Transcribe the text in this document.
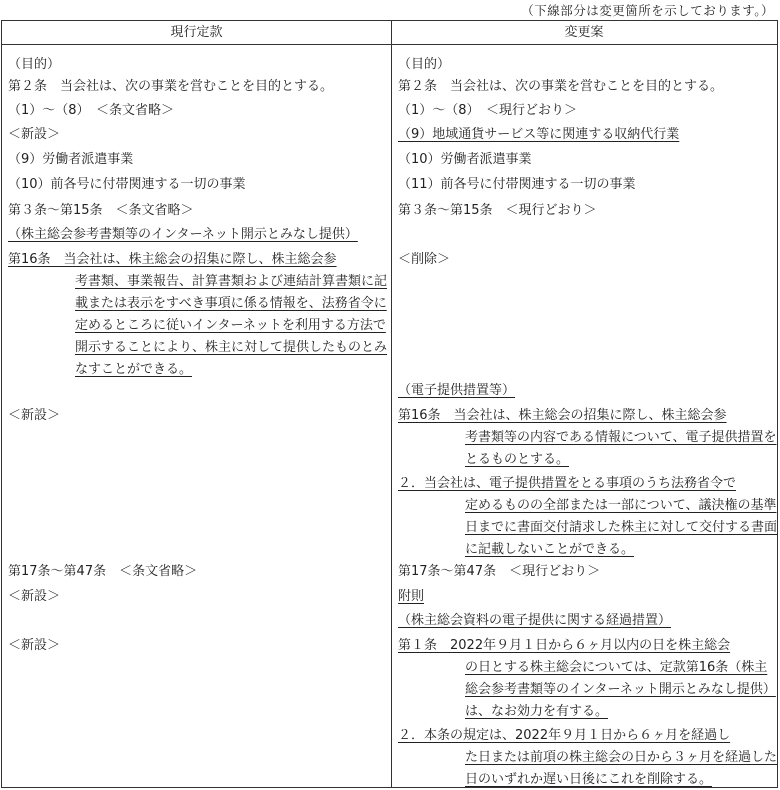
（下線部分は変更箇所を示しております。）
現行定款	変更案
（目的）
第２条　当会社は、次の事業を営むことを目的とする。
（1）～（8）　＜条文省略＞
＜新設＞
（9）労働者派遣事業
（10）前各号に付帯関連する一切の事業
第３条～第15条　＜条文省略＞
（株主総会参考書類等のインターネット開示とみなし提供）
第16条　当会社は、株主総会の招集に際し、株主総会参
考書類、事業報告、計算書類および連結計算書類に記
載または表示をすべき事項に係る情報を、法務省令に
定めるところに従いインターネットを利用する方法で
開示することにより、株主に対して提供したものとみ
なすことができる。
＜新設＞
第17条～第47条　＜条文省略＞
＜新設＞
＜新設＞
（目的）
第２条　当会社は、次の事業を営むことを目的とする。
（1）～（8）　＜現行どおり＞
（9）地域通貨サービス等に関連する収納代行業
（10）労働者派遣事業
（11）前各号に付帯関連する一切の事業
第３条～第15条　＜現行どおり＞
＜削除＞
（電子提供措置等）
第16条　当会社は、株主総会の招集に際し、株主総会参
考書類等の内容である情報について、電子提供措置を
とるものとする。
２．当会社は、電子提供措置をとる事項のうち法務省令で
定めるものの全部または一部について、議決権の基準
日までに書面交付請求した株主に対して交付する書面
に記載しないことができる。
第17条～第47条　＜現行どおり＞
附則
（株主総会資料の電子提供に関する経過措置）
第１条　2022年９月１日から６ヶ月以内の日を株主総会
の日とする株主総会については、定款第16条（株主
総会参考書類等のインターネット開示とみなし提供）
は、なお効力を有する。
２．本条の規定は、2022年９月１日から６ヶ月を経過し
た日または前項の株主総会の日から３ヶ月を経過した
日のいずれか遅い日後にこれを削除する。
